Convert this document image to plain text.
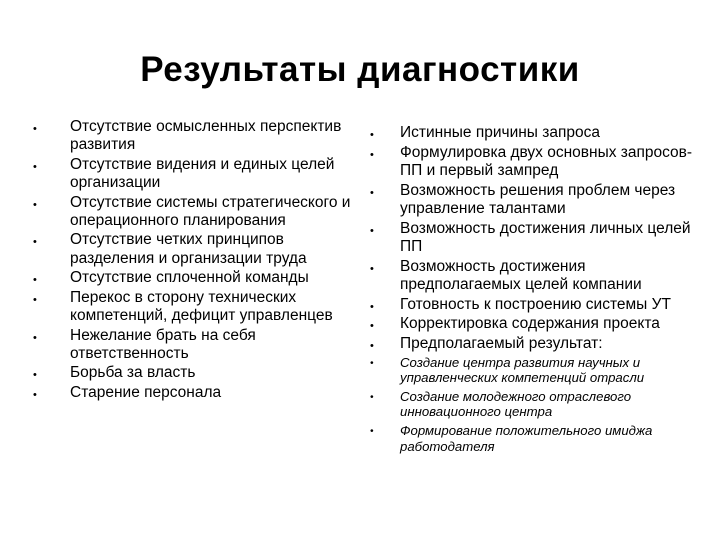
Результаты диагностики
• Отсутствие осмысленных перспектив развития
• Отсутствие видения и единых целей организации
• Отсутствие системы стратегического и операционного планирования
• Отсутствие четких принципов разделения и организации труда
• Отсутствие сплоченной команды
• Перекос в сторону технических компетенций, дефицит управленцев
• Нежелание брать на себя ответственность
• Борьба за власть
• Старение персонала
• Истинные причины запроса
• Формулировка двух основных запросов-ПП и первый зампред
• Возможность решения проблем через управление талантами
• Возможность достижения личных целей ПП
• Возможность достижения предполагаемых целей компании
• Готовность к построению системы УТ
• Корректировка содержания проекта
• Предполагаемый результат:
• Создание центра развития научных и управленческих компетенций отрасли
• Создание молодежного отраслевого инновационного центра
• Формирование положительного имиджа работодателя
